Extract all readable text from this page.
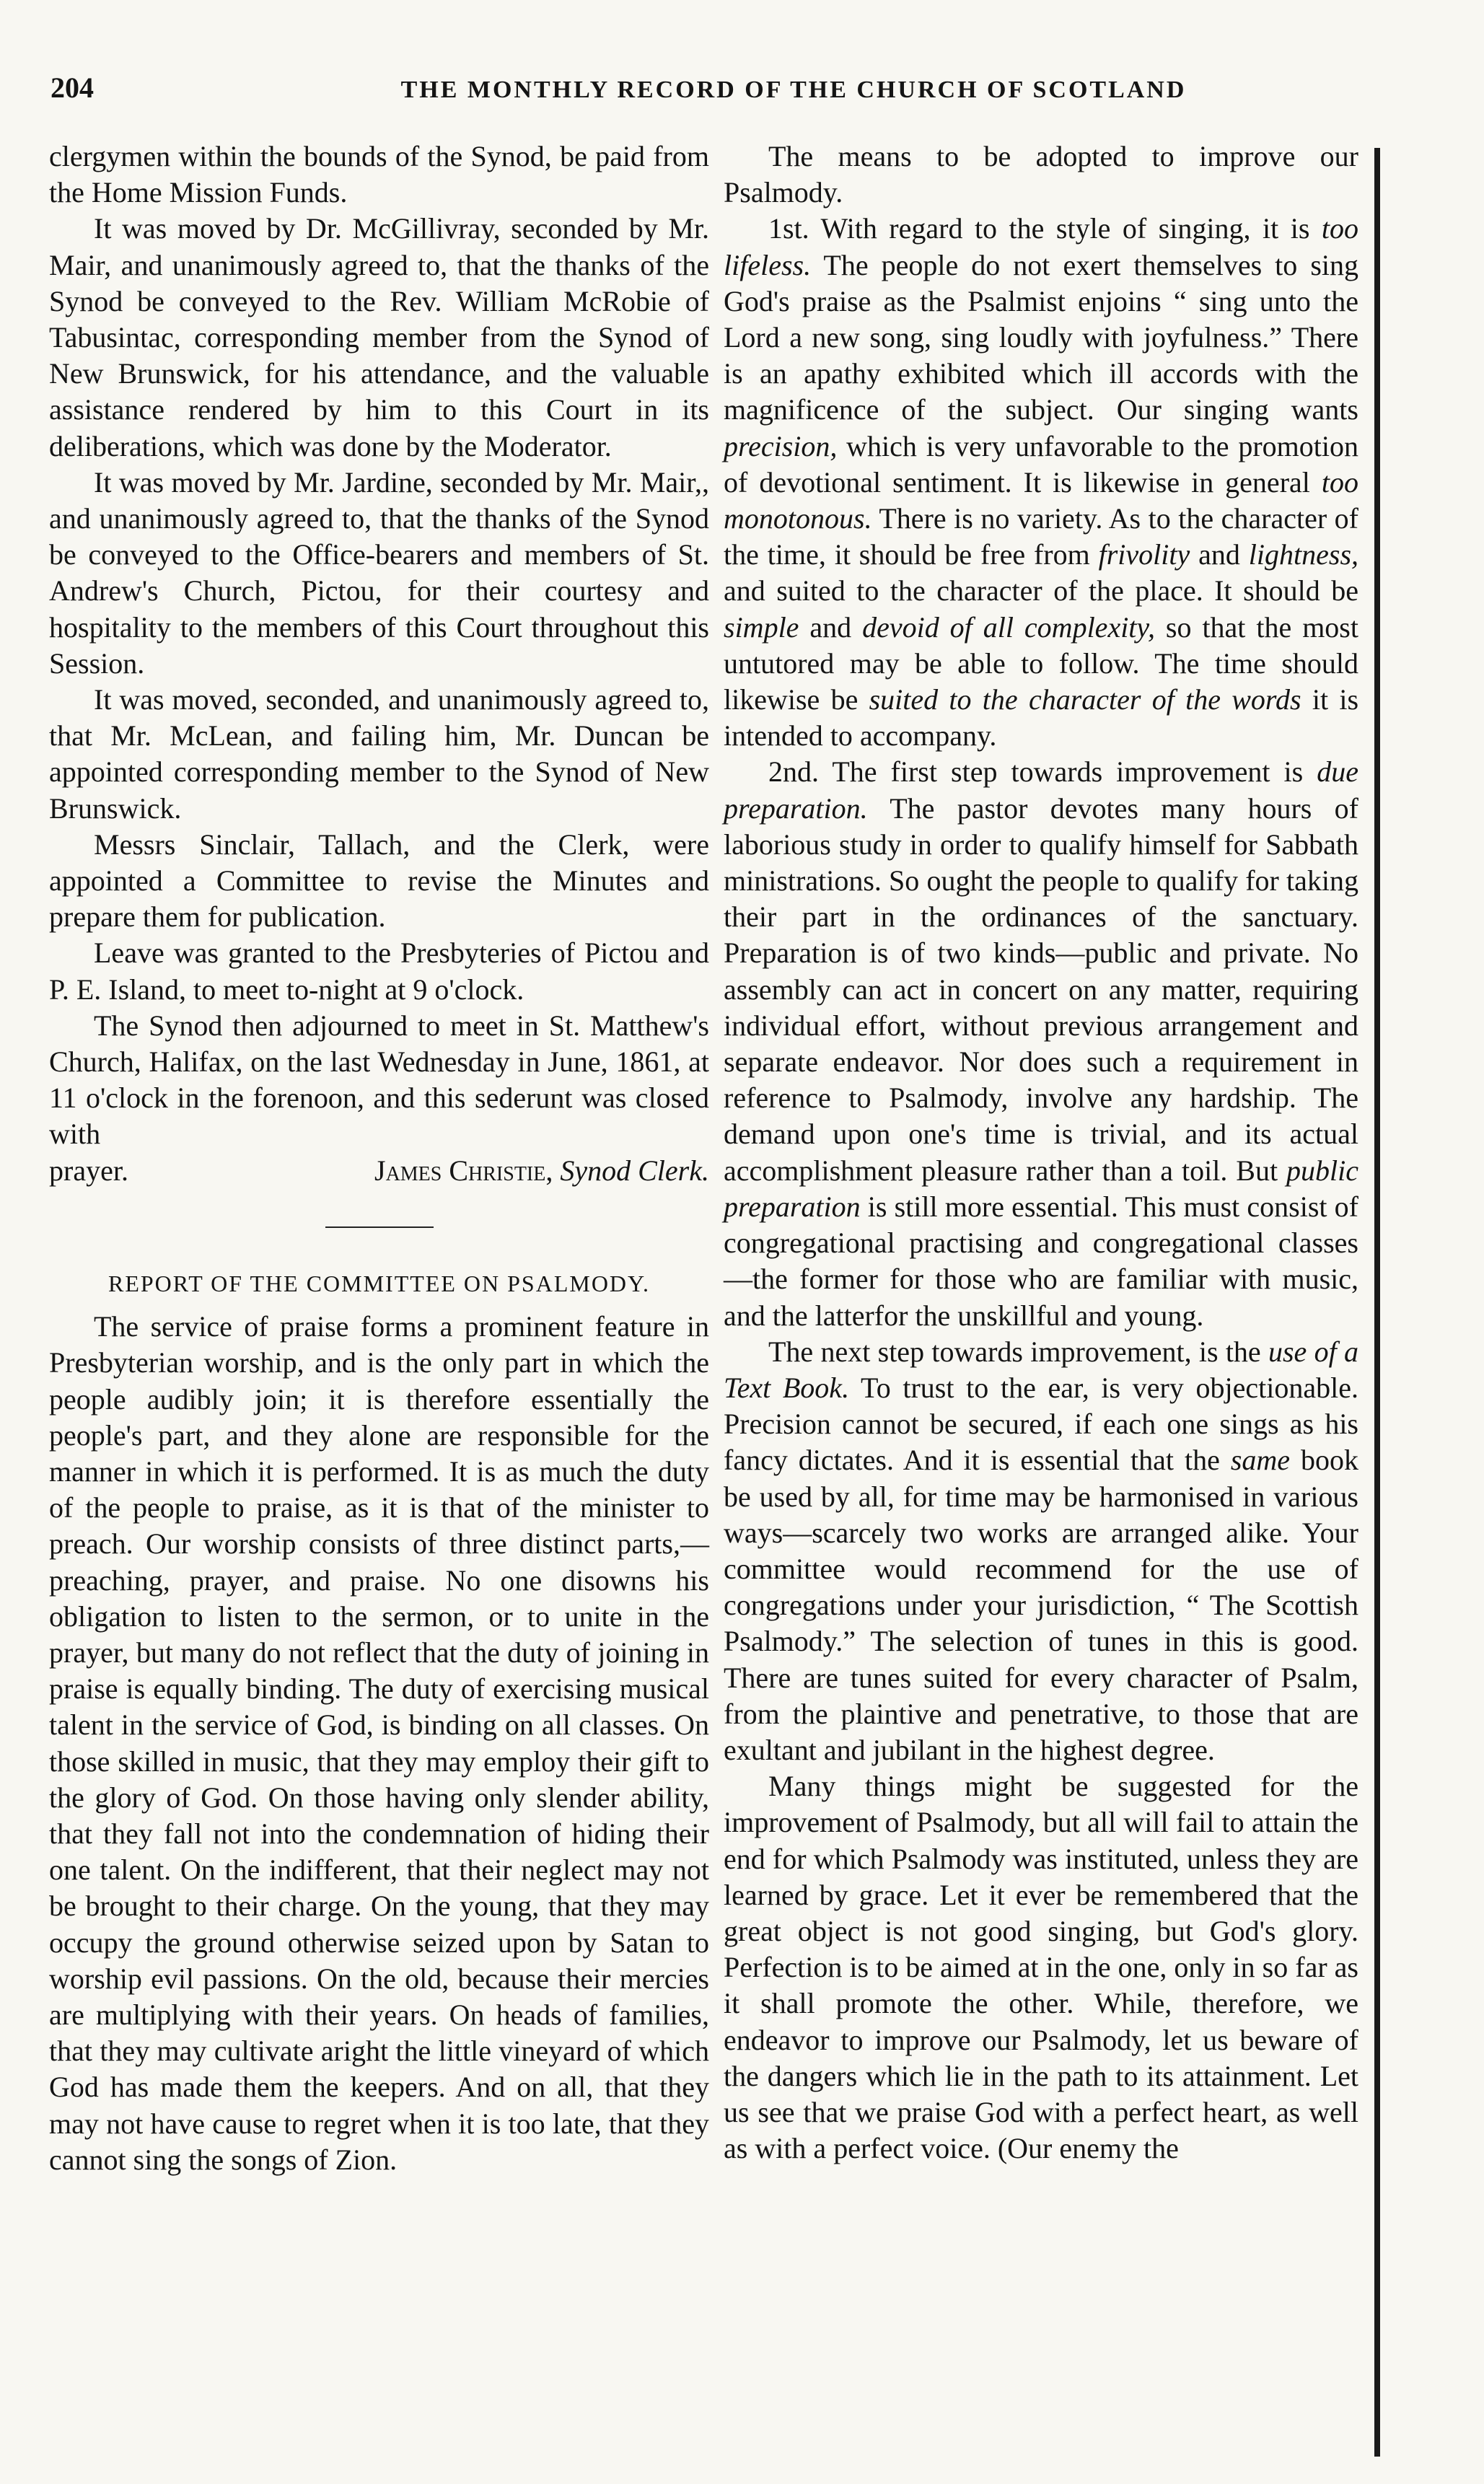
204	THE MONTHLY RECORD OF THE CHURCH OF SCOTLAND

clergymen within the bounds of the Synod, be paid from the Home Mission Funds.

It was moved by Dr. McGillivray, seconded by Mr. Mair, and unanimously agreed to, that the thanks of the Synod be conveyed to the Rev. William McRobie of Tabusintac, corresponding member from the Synod of New Brunswick, for his attendance, and the valuable assistance rendered by him to this Court in its deliberations, which was done by the Moderator.

It was moved by Mr. Jardine, seconded by Mr. Mair,, and unanimously agreed to, that the thanks of the Synod be conveyed to the Office-bearers and members of St. Andrew's Church, Pictou, for their courtesy and hospitality to the members of this Court throughout this Session.

It was moved, seconded, and unanimously agreed to, that Mr. McLean, and failing him, Mr. Duncan be appointed corresponding member to the Synod of New Brunswick.

Messrs Sinclair, Tallach, and the Clerk, were appointed a Committee to revise the Minutes and prepare them for publication.

Leave was granted to the Presbyteries of Pictou and P. E. Island, to meet to-night at 9 o'clock.

The Synod then adjourned to meet in St. Matthew's Church, Halifax, on the last Wednesday in June, 1861, at 11 o'clock in the forenoon, and this sederunt was closed with

prayer.	James Christie, Synod Clerk.
REPORT OF THE COMMITTEE ON PSALMODY.

The service of praise forms a prominent feature in Presbyterian worship, and is the only part in which the people audibly join; it is therefore essentially the people's part, and they alone are responsible for the manner in which it is performed. It is as much the duty of the people to praise, as it is that of the minister to preach. Our worship consists of three distinct parts,—preaching, prayer, and praise. No one disowns his obligation to listen to the sermon, or to unite in the prayer, but many do not reflect that the duty of joining in praise is equally binding. The duty of exercising musical talent in the service of God, is binding on all classes. On those skilled in music, that they may employ their gift to the glory of God. On those having only slender ability, that they fall not into the condemnation of hiding their one talent. On the indifferent, that their neglect may not be brought to their charge. On the young, that they may occupy the ground otherwise seized upon by Satan to worship evil passions. On the old, because their mercies are multiplying with their years. On heads of families, that they may cultivate aright the little vineyard of which God has made them the keepers. And on all, that they may not have cause to regret when it is too late, that they cannot sing the songs of Zion.

The means to be adopted to improve our Psalmody.

1st. With regard to the style of singing, it is too lifeless. The people do not exert themselves to sing God's praise as the Psalmist enjoins “ sing unto the Lord a new song, sing loudly with joyfulness.” There is an apathy exhibited which ill accords with the magnificence of the subject. Our singing wants precision, which is very unfavorable to the promotion of devotional sentiment. It is likewise in general too monotonous. There is no variety. As to the character of the time, it should be free from frivolity and lightness, and suited to the character of the place. It should be simple and devoid of all complexity, so that the most untutored may be able to follow. The time should likewise be suited to the character of the words it is intended to accompany.

2nd. The first step towards improvement is due preparation. The pastor devotes many hours of laborious study in order to qualify himself for Sabbath ministrations. So ought the people to qualify for taking their part in the ordinances of the sanctuary. Preparation is of two kinds—public and private. No assembly can act in concert on any matter, requiring individual effort, without previous arrangement and separate endeavor. Nor does such a requirement in reference to Psalmody, involve any hardship. The demand upon one's time is trivial, and its actual accomplishment pleasure rather than a toil. But public preparation is still more essential. This must consist of congregational practising and congregational classes—the former for those who are familiar with music, and the latterfor the unskillful and young.

The next step towards improvement, is the use of a Text Book. To trust to the ear, is very objectionable. Precision cannot be secured, if each one sings as his fancy dictates. And it is essential that the same book be used by all, for time may be harmonised in various ways—scarcely two works are arranged alike. Your committee would recommend for the use of congregations under your jurisdiction, “ The Scottish Psalmody.” The selection of tunes in this is good. There are tunes suited for every character of Psalm, from the plaintive and penetrative, to those that are exultant and jubilant in the highest degree.

Many things might be suggested for the improvement of Psalmody, but all will fail to attain the end for which Psalmody was instituted, unless they are learned by grace. Let it ever be remembered that the great object is not good singing, but God's glory. Perfection is to be aimed at in the one, only in so far as it shall promote the other. While, therefore, we endeavor to improve our Psalmody, let us beware of the dangers which lie in the path to its attainment. Let us see that we praise God with a perfect heart, as well as with a perfect voice. (Our enemy the
